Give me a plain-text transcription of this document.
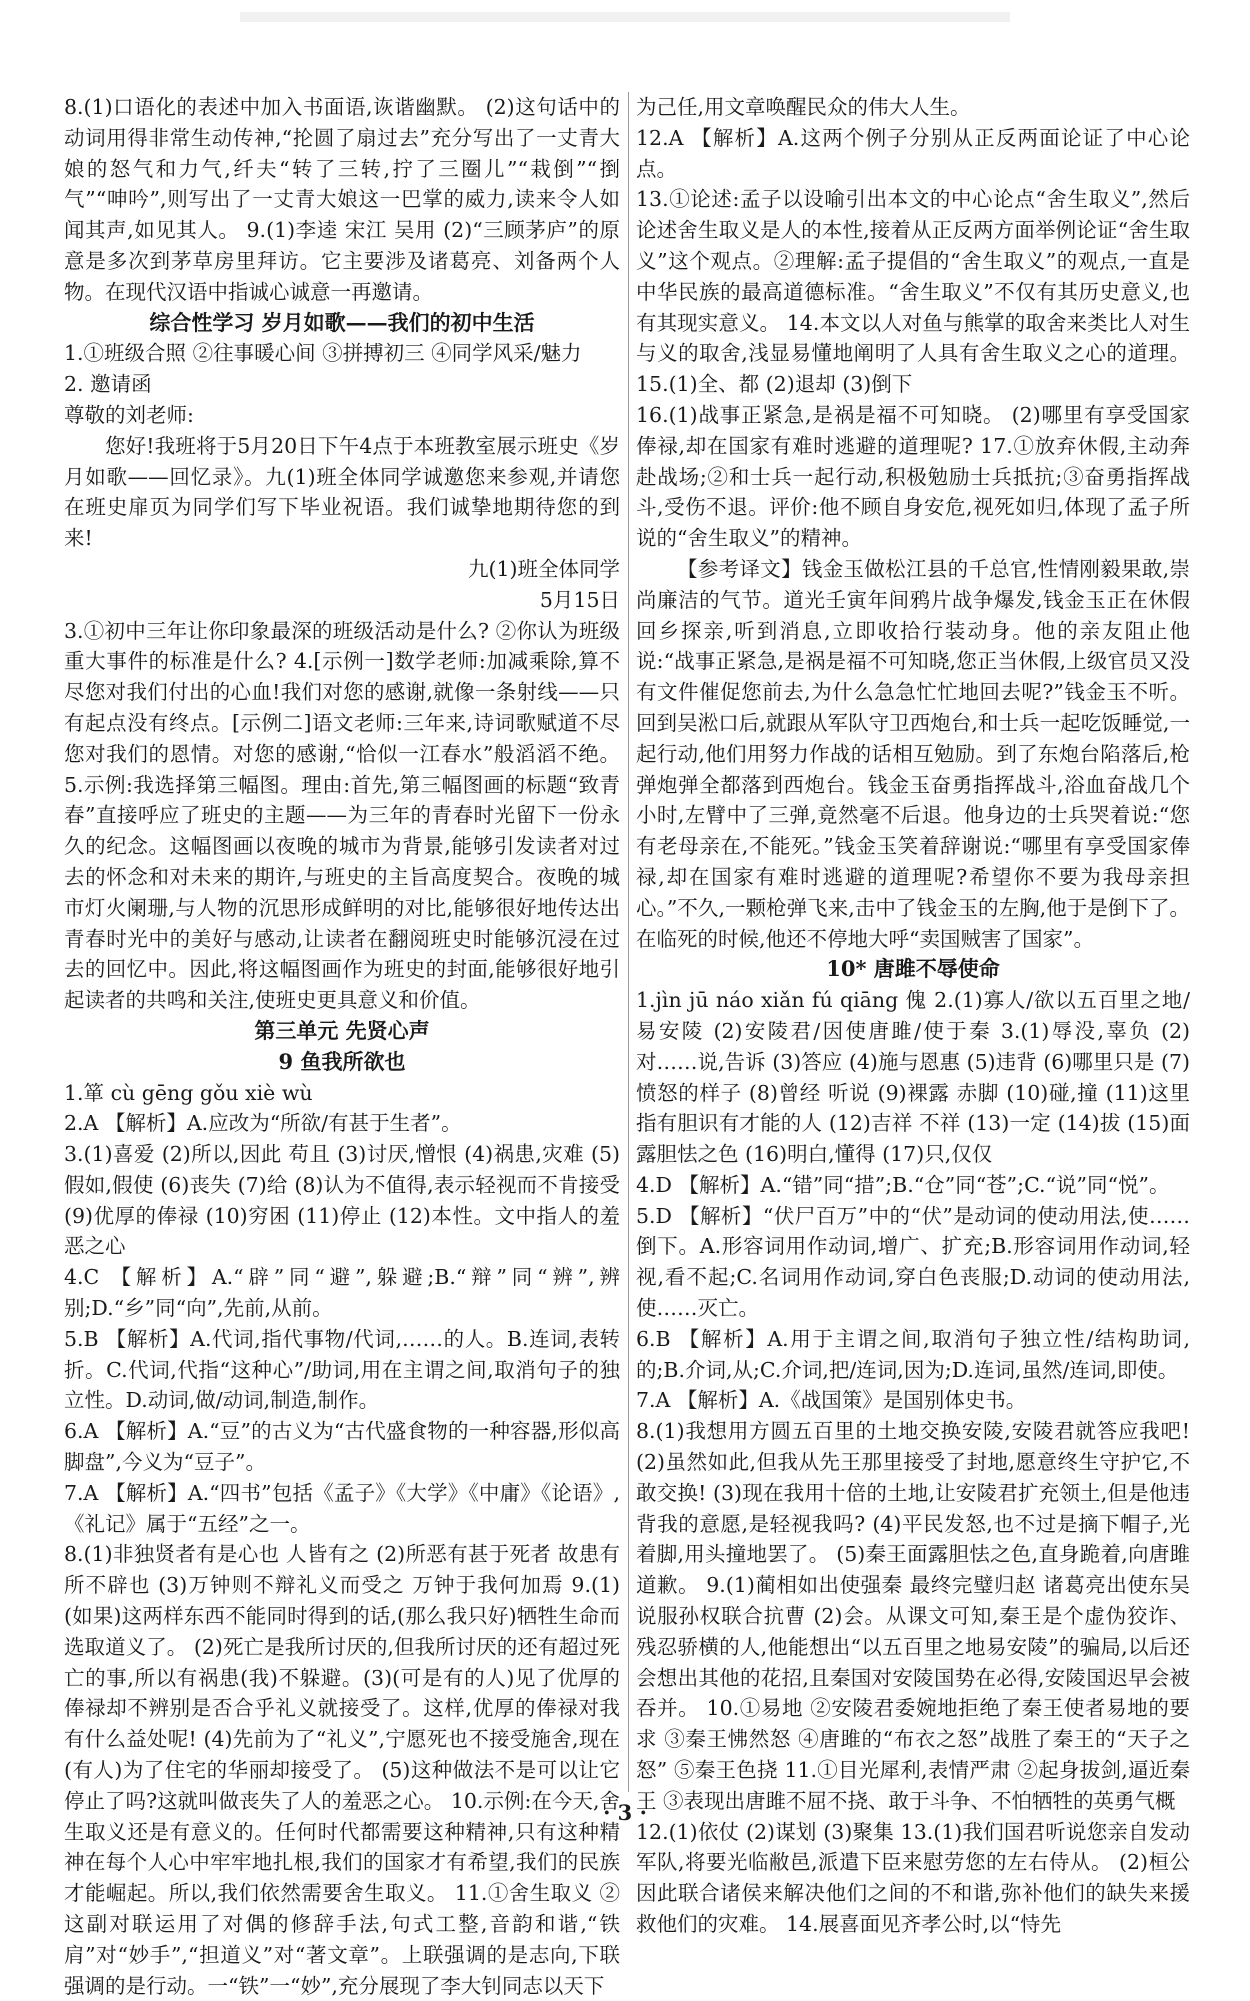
8.(1)口语化的表述中加入书面语,诙谐幽默。 (2)这句话中的动词用得非常生动传神,“抡圆了扇过去”充分写出了一丈青大娘的怒气和力气,纤夫“转了三转,拧了三圈儿”“栽倒”“捯气”“呻吟”,则写出了一丈青大娘这一巴掌的威力,读来令人如闻其声,如见其人。 9.(1)李逵 宋江 吴用 (2)“三顾茅庐”的原意是多次到茅草房里拜访。它主要涉及诸葛亮、刘备两个人物。在现代汉语中指诚心诚意一再邀请。

综合性学习 岁月如歌——我们的初中生活

1.①班级合照 ②往事暖心间 ③拼搏初三 ④同学风采/魅力

2. 邀请函

尊敬的刘老师:

您好!我班将于5月20日下午4点于本班教室展示班史《岁月如歌——回忆录》。九(1)班全体同学诚邀您来参观,并请您在班史扉页为同学们写下毕业祝语。我们诚挚地期待您的到来!

九(1)班全体同学

5月15日

3.①初中三年让你印象最深的班级活动是什么? ②你认为班级重大事件的标准是什么? 4.[示例一]数学老师:加减乘除,算不尽您对我们付出的心血!我们对您的感谢,就像一条射线——只有起点没有终点。[示例二]语文老师:三年来,诗词歌赋道不尽您对我们的恩情。对您的感谢,“恰似一江春水”般滔滔不绝。 5.示例:我选择第三幅图。理由:首先,第三幅图画的标题“致青春”直接呼应了班史的主题——为三年的青春时光留下一份永久的纪念。这幅图画以夜晚的城市为背景,能够引发读者对过去的怀念和对未来的期许,与班史的主旨高度契合。夜晚的城市灯火阑珊,与人物的沉思形成鲜明的对比,能够很好地传达出青春时光中的美好与感动,让读者在翻阅班史时能够沉浸在过去的回忆中。因此,将这幅图画作为班史的封面,能够很好地引起读者的共鸣和关注,使班史更具意义和价值。

第三单元 先贤心声

9 鱼我所欲也

1.箪 cù gēng gǒu xiè wù

2.A 【解析】A.应改为“所欲/有甚于生者”。

3.(1)喜爱 (2)所以,因此 苟且 (3)讨厌,憎恨 (4)祸患,灾难 (5)假如,假使 (6)丧失 (7)给 (8)认为不值得,表示轻视而不肯接受 (9)优厚的俸禄 (10)穷困 (11)停止 (12)本性。文中指人的羞恶之心

4.C 【解析】A.“辟”同“避”,躲避;B.“辩”同“辨”,辨别;D.“乡”同“向”,先前,从前。

5.B 【解析】A.代词,指代事物/代词,……的人。B.连词,表转折。C.代词,代指“这种心”/助词,用在主谓之间,取消句子的独立性。D.动词,做/动词,制造,制作。

6.A 【解析】A.“豆”的古义为“古代盛食物的一种容器,形似高脚盘”,今义为“豆子”。

7.A 【解析】A.“四书”包括《孟子》《大学》《中庸》《论语》,《礼记》属于“五经”之一。

8.(1)非独贤者有是心也 人皆有之 (2)所恶有甚于死者 故患有所不辟也 (3)万钟则不辩礼义而受之 万钟于我何加焉 9.(1)(如果)这两样东西不能同时得到的话,(那么我只好)牺牲生命而选取道义了。 (2)死亡是我所讨厌的,但我所讨厌的还有超过死亡的事,所以有祸患(我)不躲避。(3)(可是有的人)见了优厚的俸禄却不辨别是否合乎礼义就接受了。这样,优厚的俸禄对我有什么益处呢! (4)先前为了“礼义”,宁愿死也不接受施舍,现在(有人)为了住宅的华丽却接受了。 (5)这种做法不是可以让它停止了吗?这就叫做丧失了人的羞恶之心。 10.示例:在今天,舍生取义还是有意义的。任何时代都需要这种精神,只有这种精神在每个人心中牢牢地扎根,我们的国家才有希望,我们的民族才能崛起。所以,我们依然需要舍生取义。 11.①舍生取义 ②这副对联运用了对偶的修辞手法,句式工整,音韵和谐,“铁肩”对“妙手”,“担道义”对“著文章”。上联强调的是志向,下联强调的是行动。一“铁”一“妙”,充分展现了李大钊同志以天下

为己任,用文章唤醒民众的伟大人生。

12.A 【解析】A.这两个例子分别从正反两面论证了中心论点。

13.①论述:孟子以设喻引出本文的中心论点“舍生取义”,然后论述舍生取义是人的本性,接着从正反两方面举例论证“舍生取义”这个观点。②理解:孟子提倡的“舍生取义”的观点,一直是中华民族的最高道德标准。“舍生取义”不仅有其历史意义,也有其现实意义。 14.本文以人对鱼与熊掌的取舍来类比人对生与义的取舍,浅显易懂地阐明了人具有舍生取义之心的道理。 15.(1)全、都 (2)退却 (3)倒下

16.(1)战事正紧急,是祸是福不可知晓。 (2)哪里有享受国家俸禄,却在国家有难时逃避的道理呢? 17.①放弃休假,主动奔赴战场;②和士兵一起行动,积极勉励士兵抵抗;③奋勇指挥战斗,受伤不退。评价:他不顾自身安危,视死如归,体现了孟子所说的“舍生取义”的精神。

【参考译文】钱金玉做松江县的千总官,性情刚毅果敢,崇尚廉洁的气节。道光壬寅年间鸦片战争爆发,钱金玉正在休假回乡探亲,听到消息,立即收拾行装动身。他的亲友阻止他说:“战事正紧急,是祸是福不可知晓,您正当休假,上级官员又没有文件催促您前去,为什么急急忙忙地回去呢?”钱金玉不听。回到吴淞口后,就跟从军队守卫西炮台,和士兵一起吃饭睡觉,一起行动,他们用努力作战的话相互勉励。到了东炮台陷落后,枪弹炮弹全都落到西炮台。钱金玉奋勇指挥战斗,浴血奋战几个小时,左臂中了三弹,竟然毫不后退。他身边的士兵哭着说:“您有老母亲在,不能死。”钱金玉笑着辞谢说:“哪里有享受国家俸禄,却在国家有难时逃避的道理呢?希望你不要为我母亲担心。”不久,一颗枪弹飞来,击中了钱金玉的左胸,他于是倒下了。在临死的时候,他还不停地大呼“卖国贼害了国家”。

10* 唐雎不辱使命

1.jìn jū náo xiǎn fú qiāng 傀 2.(1)寡人/欲以五百里之地/易安陵 (2)安陵君/因使唐雎/使于秦 3.(1)辱没,辜负 (2)对……说,告诉 (3)答应 (4)施与恩惠 (5)违背 (6)哪里只是 (7)愤怒的样子 (8)曾经 听说 (9)裸露 赤脚 (10)碰,撞 (11)这里指有胆识有才能的人 (12)吉祥 不祥 (13)一定 (14)拔 (15)面露胆怯之色 (16)明白,懂得 (17)只,仅仅

4.D 【解析】A.“错”同“措”;B.“仓”同“苍”;C.“说”同“悦”。

5.D 【解析】“伏尸百万”中的“伏”是动词的使动用法,使……倒下。A.形容词用作动词,增广、扩充;B.形容词用作动词,轻视,看不起;C.名词用作动词,穿白色丧服;D.动词的使动用法,使……灭亡。

6.B 【解析】A.用于主谓之间,取消句子独立性/结构助词,的;B.介词,从;C.介词,把/连词,因为;D.连词,虽然/连词,即使。

7.A 【解析】A.《战国策》是国别体史书。

8.(1)我想用方圆五百里的土地交换安陵,安陵君就答应我吧! (2)虽然如此,但我从先王那里接受了封地,愿意终生守护它,不敢交换! (3)现在我用十倍的土地,让安陵君扩充领土,但是他违背我的意愿,是轻视我吗? (4)平民发怒,也不过是摘下帽子,光着脚,用头撞地罢了。 (5)秦王面露胆怯之色,直身跪着,向唐雎道歉。 9.(1)蔺相如出使强秦 最终完璧归赵 诸葛亮出使东吴 说服孙权联合抗曹 (2)会。从课文可知,秦王是个虚伪狡诈、残忍骄横的人,他能想出“以五百里之地易安陵”的骗局,以后还会想出其他的花招,且秦国对安陵国势在必得,安陵国迟早会被吞并。 10.①易地 ②安陵君委婉地拒绝了秦王使者易地的要求 ③秦王怫然怒 ④唐雎的“布衣之怒”战胜了秦王的“天子之怒” ⑤秦王色挠 11.①目光犀利,表情严肃 ②起身拔剑,逼近秦王 ③表现出唐雎不屈不挠、敢于斗争、不怕牺牲的英勇气概

12.(1)依仗 (2)谋划 (3)聚集 13.(1)我们国君听说您亲自发动军队,将要光临敝邑,派遣下臣来慰劳您的左右侍从。 (2)桓公因此联合诸侯来解决他们之间的不和谐,弥补他们的缺失来援救他们的灾难。 14.展喜面见齐孝公时,以“恃先

· 3 ·
